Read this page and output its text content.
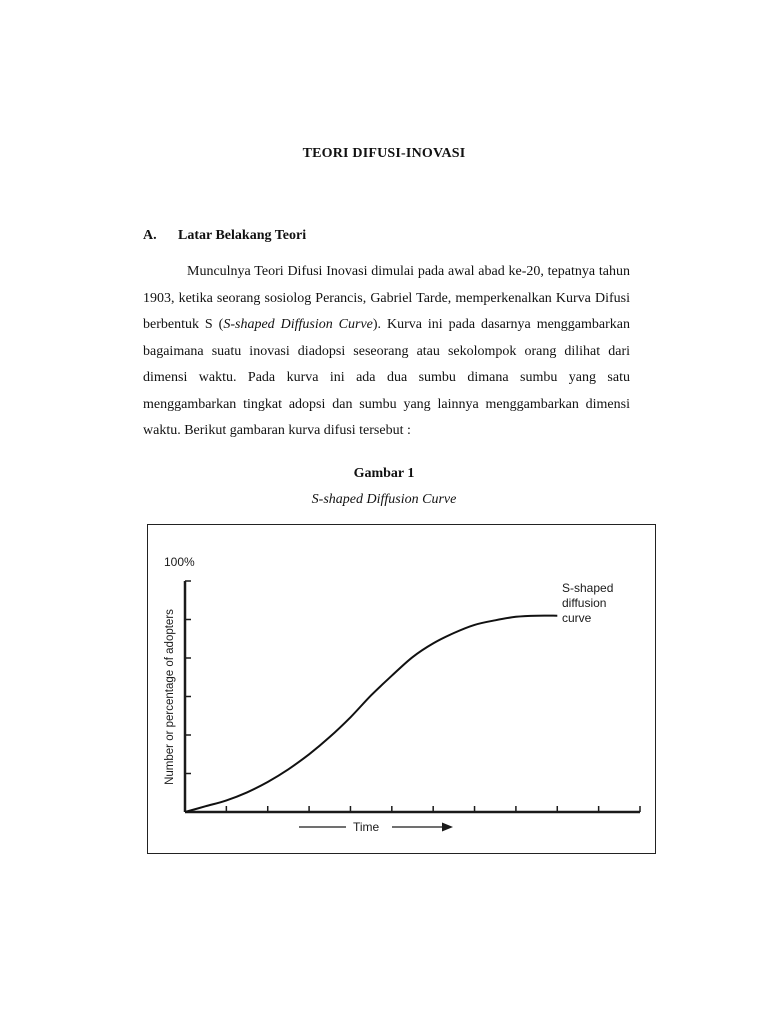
TEORI DIFUSI-INOVASI
A.	Latar Belakang Teori

Munculnya Teori Difusi Inovasi dimulai pada awal abad ke-20, tepatnya tahun 1903, ketika seorang sosiolog Perancis, Gabriel Tarde, memperkenalkan Kurva Difusi berbentuk S (S-shaped Diffusion Curve). Kurva ini pada dasarnya menggambarkan bagaimana suatu inovasi diadopsi seseorang atau sekolompok orang dilihat dari dimensi waktu. Pada kurva ini ada dua sumbu dimana sumbu yang satu menggambarkan tingkat adopsi dan sumbu yang lainnya menggambarkan dimensi waktu. Berikut gambaran kurva difusi tersebut :

Gambar 1
S-shaped Diffusion Curve
100%
Number or percentage of adopters
S-shaped diffusion curve
Time
